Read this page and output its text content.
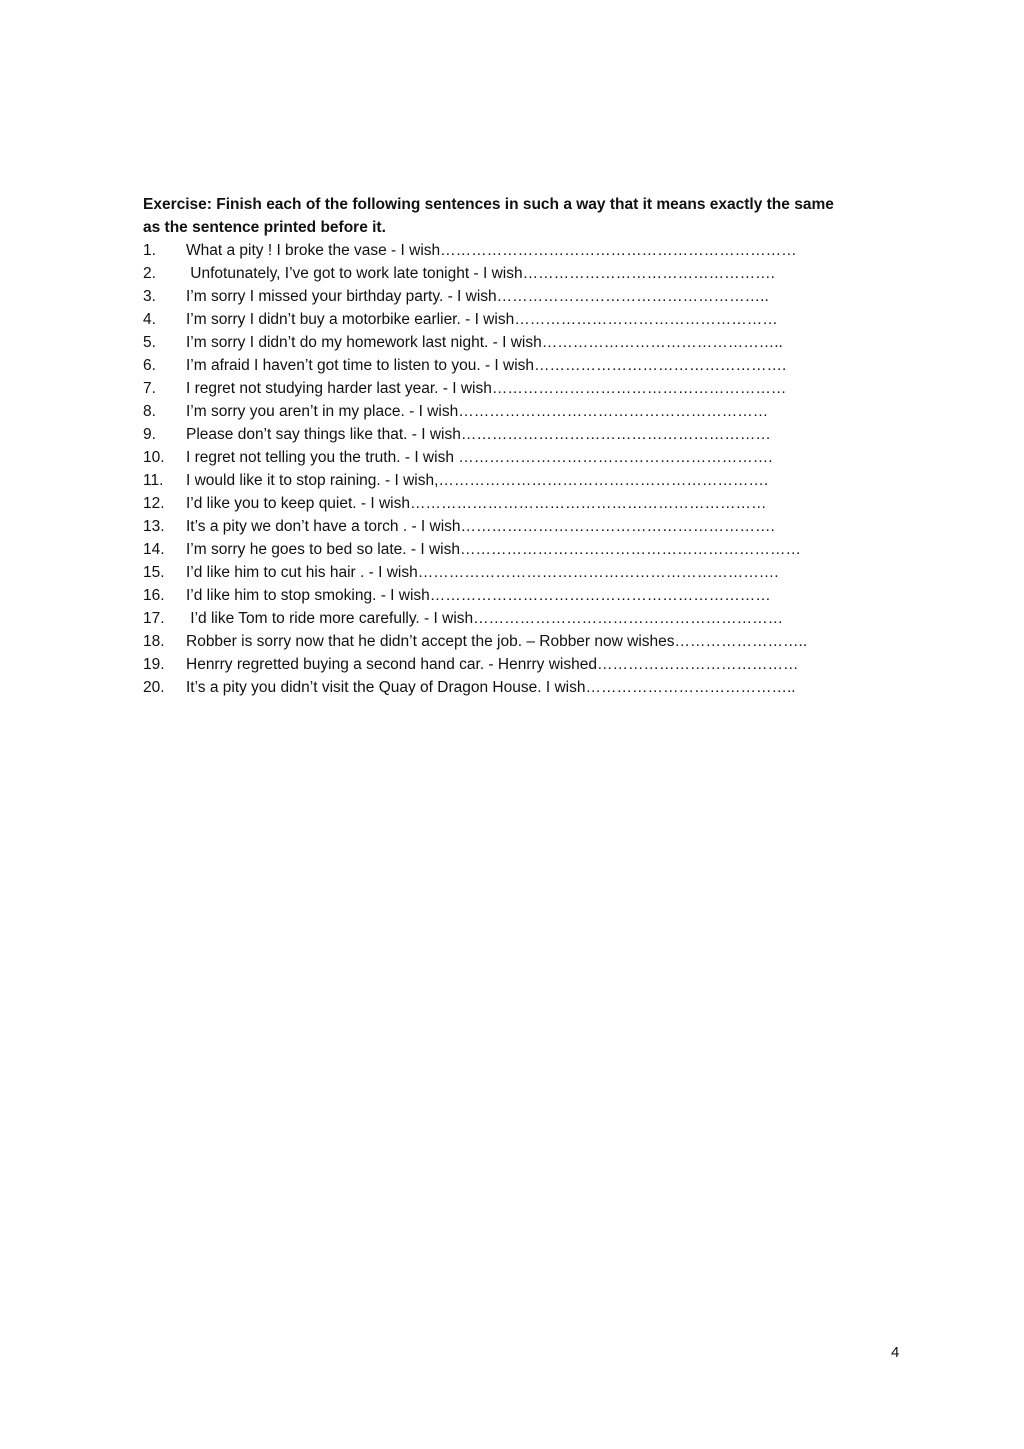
Exercise: Finish each of the following sentences in such a way that it means exactly the same
as the sentence printed before it.

1.	What a pity ! I broke the vase - I wish……………………………………………………………
2.	Unfotunately, I’ve got to work late tonight - I wish………………………………………….
3.	I’m sorry I missed your birthday party. - I wish……………………………………………..
4.	I’m sorry I didn’t buy a motorbike earlier. - I wish……………………………………………
5.	I’m sorry I didn’t do my homework last night. - I wish………………………………………..
6.	I’m afraid I haven’t got time to listen to you. - I wish………………………………………….
7.	I regret not studying harder last year. - I wish…………………………………………………
8.	I’m sorry you aren’t in my place. - I wish……………………………………………………
9.	Please don’t say things like that. - I wish……………………………………………………
10.	I regret not telling you the truth. - I wish …………………………………………………….
11.	I would like it to stop raining. - I wish,……………………………………………………….
12.	I’d like you to keep quiet. - I wish……………………………………………………………
13.	It’s a pity we don’t have a torch . - I wish…………………………………………………….
14.	I’m sorry he goes to bed so late. - I wish…………………………………………………………
15.	I’d like him to cut his hair . - I wish…………………………………………………………….
16.	I’d like him to stop smoking. - I wish…………………………………………………………
17.	I’d like Tom to ride more carefully. - I wish……………………………………………………
18.	Robber is sorry now that he didn’t accept the job. – Robber now wishes……………………..
19.	Henrry regretted buying a second hand car. - Henrry wished…………………………………
20.	It’s a pity you didn’t visit the Quay of Dragon House. I wish…………………………………..
4
